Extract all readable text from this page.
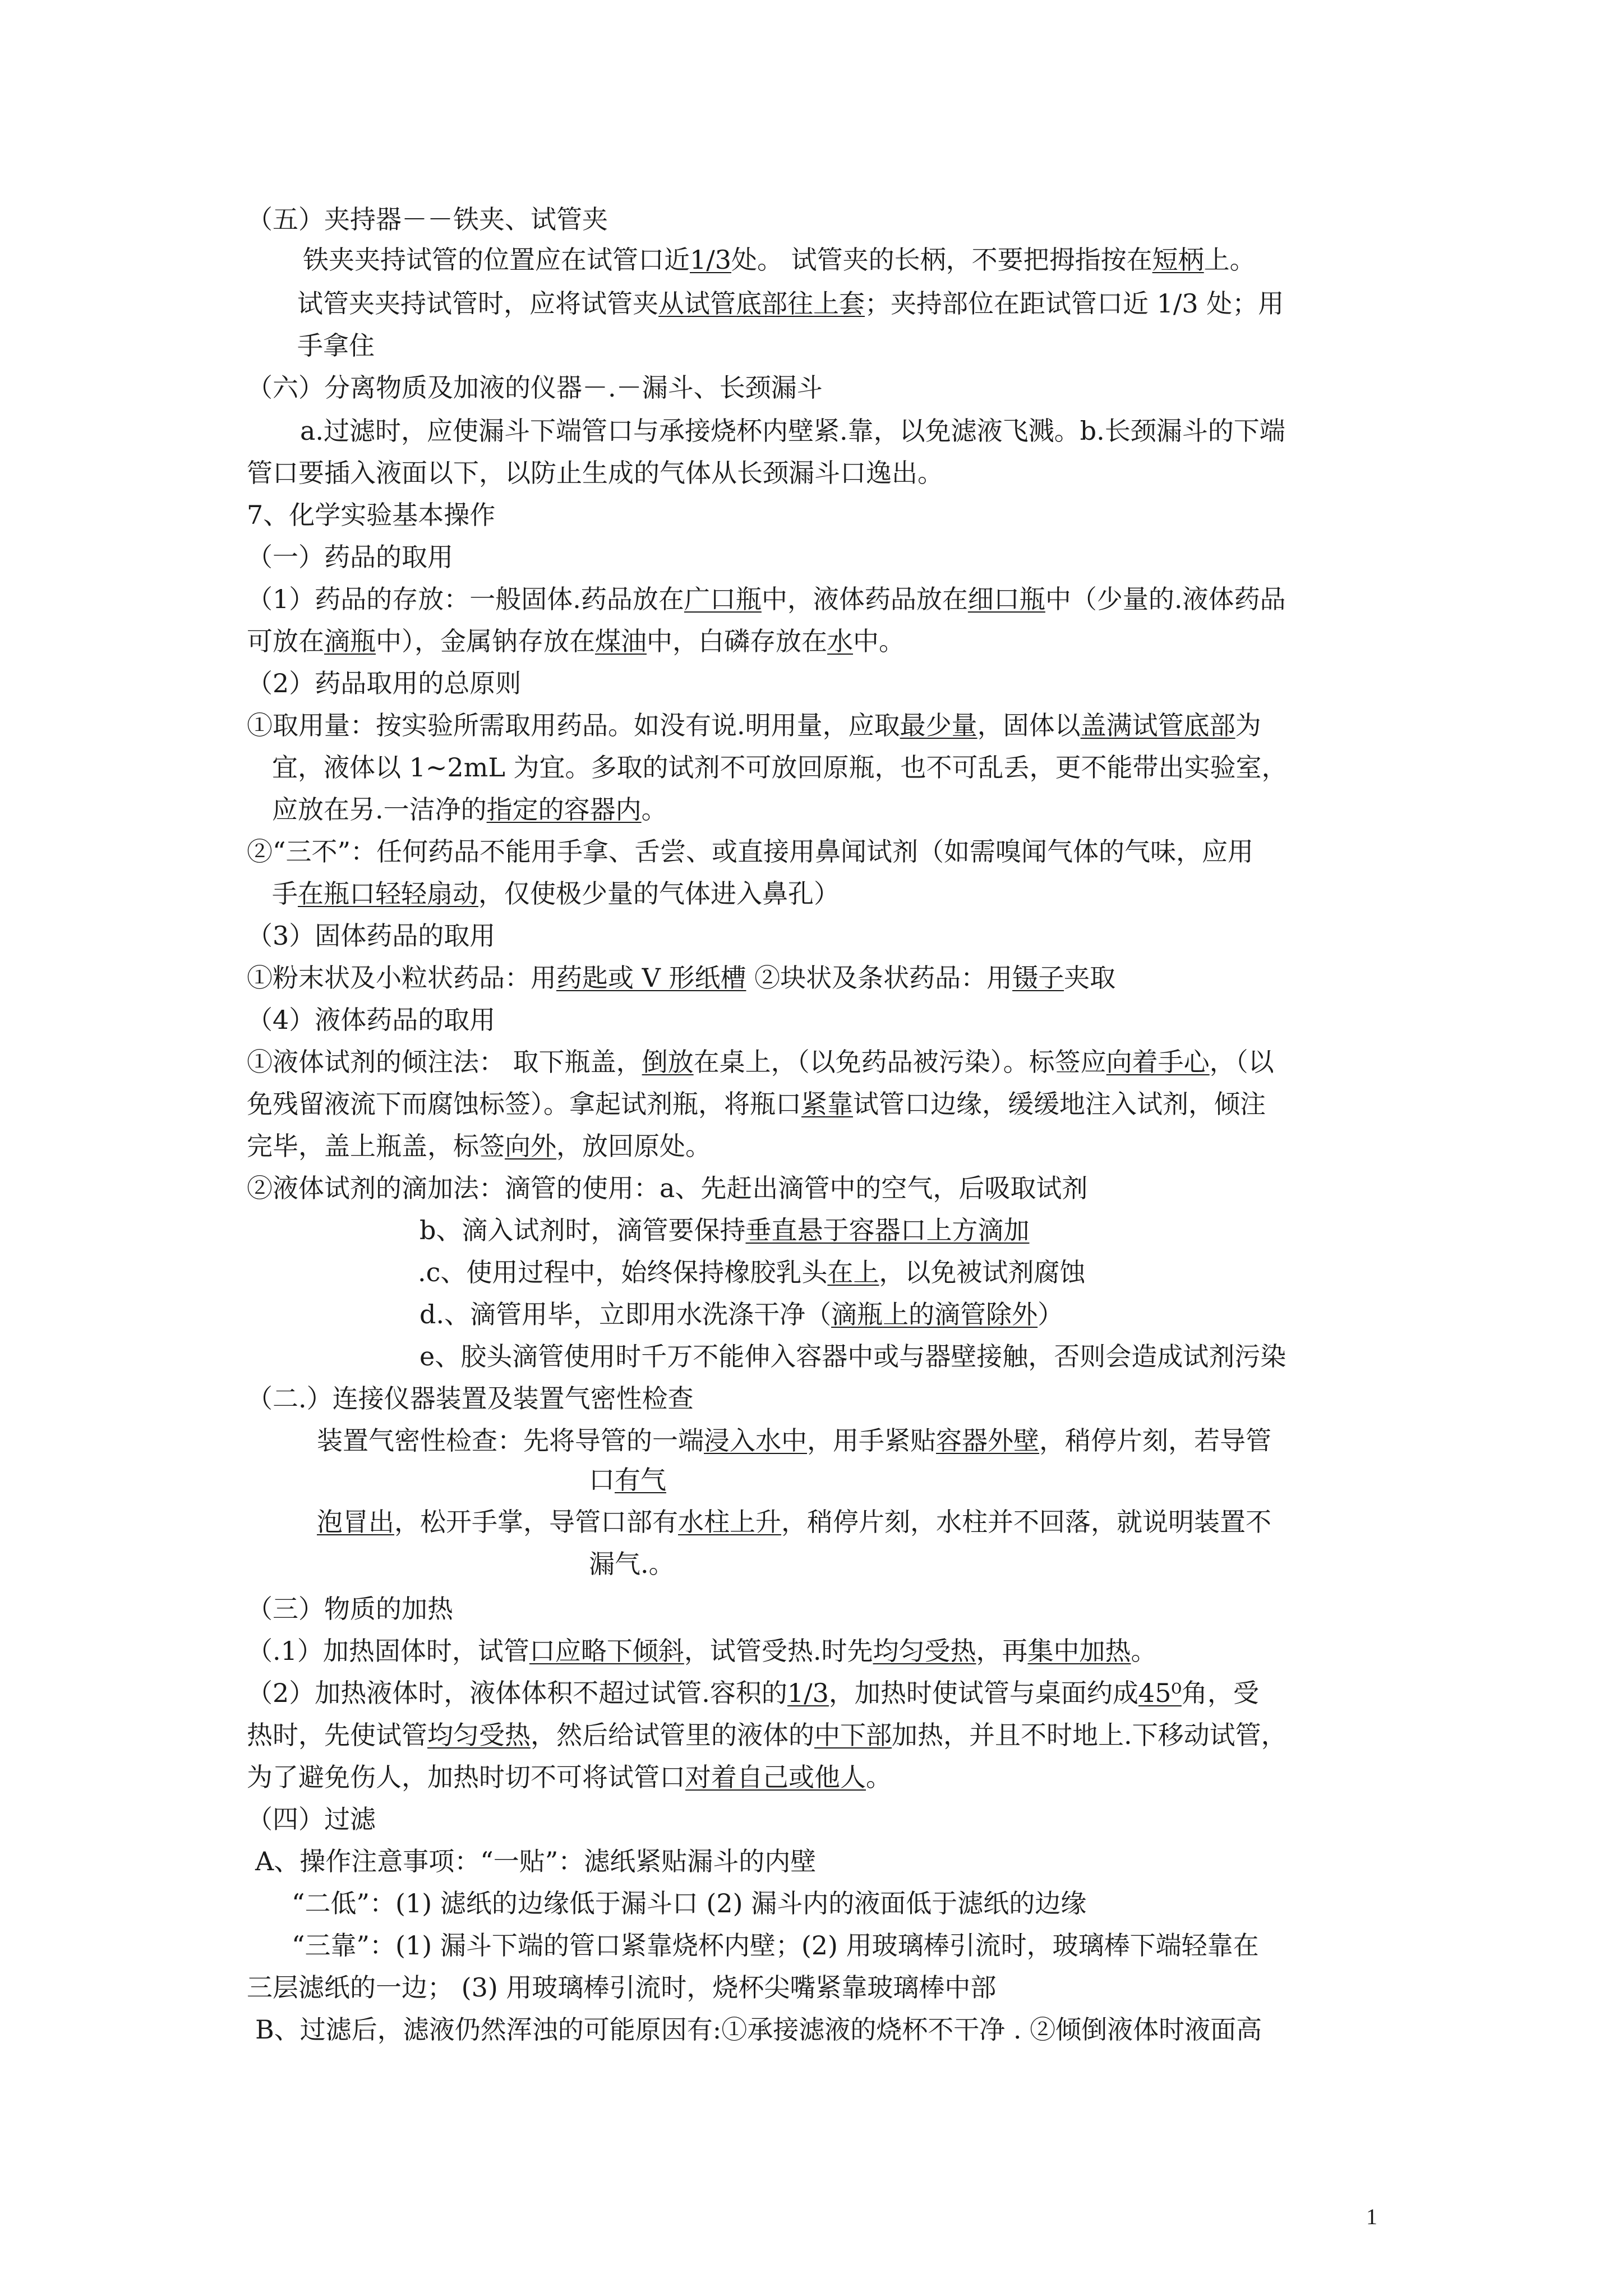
（五）夹持器－－铁夹、试管夹
铁夹夹持试管的位置应在试管口近1/3处。 试管夹的长柄，不要把拇指按在短柄上。
试管夹夹持试管时，应将试管夹从试管底部往上套；夹持部位在距试管口近 1/3 处；用
手拿住
（六）分离物质及加液的仪器－.－漏斗、长颈漏斗
a.过滤时，应使漏斗下端管口与承接烧杯内壁紧.靠，以免滤液飞溅。b.长颈漏斗的下端
管口要插入液面以下，以防止生成的气体从长颈漏斗口逸出。
7、化学实验基本操作
（一）药品的取用
（1）药品的存放：一般固体.药品放在广口瓶中，液体药品放在细口瓶中（少量的.液体药品
可放在滴瓶中），金属钠存放在煤油中，白磷存放在水中。
（2）药品取用的总原则
①取用量：按实验所需取用药品。如没有说.明用量，应取最少量，固体以盖满试管底部为
宜，液体以 1~2mL 为宜。多取的试剂不可放回原瓶，也不可乱丢，更不能带出实验室，
应放在另.一洁净的指定的容器内。
②“三不”：任何药品不能用手拿、舌尝、或直接用鼻闻试剂（如需嗅闻气体的气味，应用
手在瓶口轻轻扇动，仅使极少量的气体进入鼻孔）
（3）固体药品的取用
①粉末状及小粒状药品：用药匙或 V 形纸槽 ②块状及条状药品：用镊子夹取
（4）液体药品的取用
①液体试剂的倾注法： 取下瓶盖，倒放在桌上，（以免药品被污染）。标签应向着手心，（以
免残留液流下而腐蚀标签）。拿起试剂瓶，将瓶口紧靠试管口边缘，缓缓地注入试剂，倾注
完毕，盖上瓶盖，标签向外，放回原处。
②液体试剂的滴加法：滴管的使用：a、先赶出滴管中的空气，后吸取试剂
b、滴入试剂时，滴管要保持垂直悬于容器口上方滴加
.c、使用过程中，始终保持橡胶乳头在上，以免被试剂腐蚀
d.、滴管用毕，立即用水洗涤干净（滴瓶上的滴管除外）
e、胶头滴管使用时千万不能伸入容器中或与器壁接触，否则会造成试剂污染
（二.）连接仪器装置及装置气密性检查
装置气密性检查：先将导管的一端浸入水中，用手紧贴容器外壁，稍停片刻，若导管
口有气
泡冒出，松开手掌，导管口部有水柱上升，稍停片刻，水柱并不回落，就说明装置不
漏气.。
（三）物质的加热
（.1）加热固体时，试管口应略下倾斜，试管受热.时先均匀受热，再集中加热。
（2）加热液体时，液体体积不超过试管.容积的1/3，加热时使试管与桌面约成45⁰角，受
热时，先使试管均匀受热，然后给试管里的液体的中下部加热，并且不时地上.下移动试管，
为了避免伤人，加热时切不可将试管口对着自己或他人。
（四）过滤
A、操作注意事项：“一贴”：滤纸紧贴漏斗的内壁
“二低”：(1) 滤纸的边缘低于漏斗口 (2) 漏斗内的液面低于滤纸的边缘
“三靠”：(1) 漏斗下端的管口紧靠烧杯内壁；(2) 用玻璃棒引流时，玻璃棒下端轻靠在
三层滤纸的一边； (3) 用玻璃棒引流时，烧杯尖嘴紧靠玻璃棒中部
B、过滤后，滤液仍然浑浊的可能原因有:①承接滤液的烧杯不干净 . ②倾倒液体时液面高
1
